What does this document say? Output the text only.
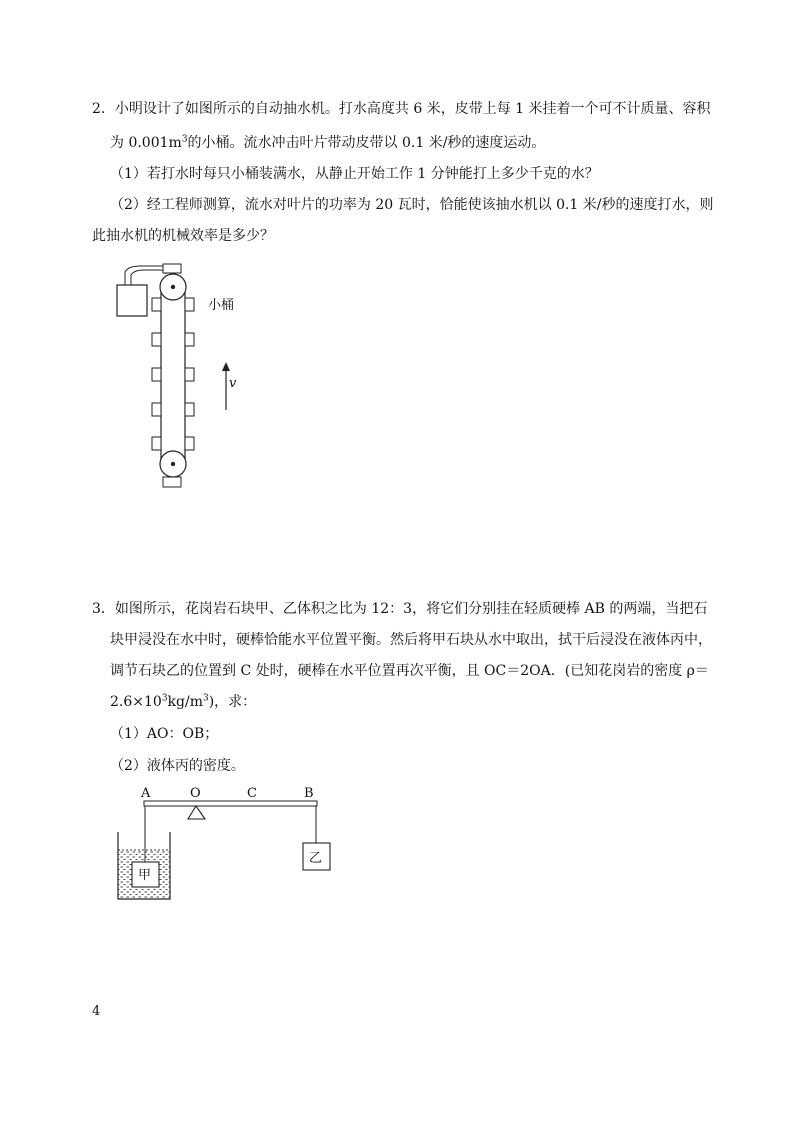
2．小明设计了如图所示的自动抽水机。打水高度共 6 米，皮带上每 1 米挂着一个可不计质量、容积
为 $0.001m^3$的小桶。流水冲击叶片带动皮带以 0.1 米/秒的速度运动。
（1）若打水时每只小桶装满水，从静止开始工作 1 分钟能打上多少千克的水？
（2）经工程师测算，流水对叶片的功率为 20 瓦时，恰能使该抽水机以 0.1 米/秒的速度打水，则
此抽水机的机械效率是多少？
v
小桶
3．如图所示，花岗岩石块甲、乙体积之比为 12：3，将它们分别挂在轻质硬棒 AB 的两端，当把石
块甲浸没在水中时，硬棒恰能水平位置平衡。然后将甲石块从水中取出，拭干后浸没在液体丙中，
调节石块乙的位置到 C 处时，硬棒在水平位置再次平衡，且 OC＝2OA．(已知花岗岩的密度 ρ＝
$2.6\times 10^3kg/m^3$)，求：
（1）AO：OB；
（2）液体丙的密度。
A	O	C	B
甲
乙
4
